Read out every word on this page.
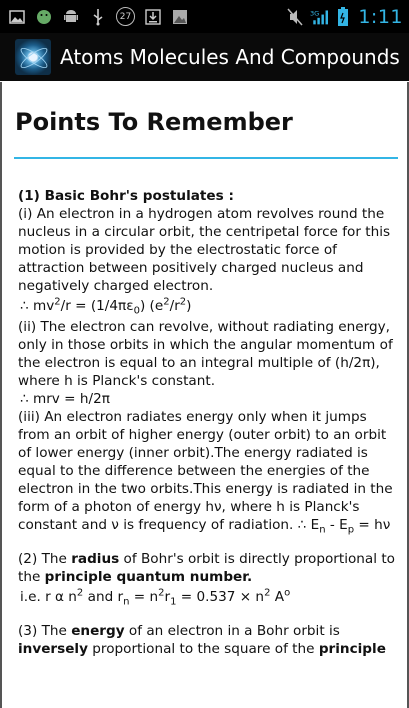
27	3G 1:11
Atoms Molecules And Compounds
Points To Remember

(1) Basic Bohr's postulates :

(i) An electron in a hydrogen atom revolves round the nucleus in a circular orbit, the centripetal force for this motion is provided by the electrostatic force of attraction between positively charged nucleus and negatively charged electron.

∴ $mv^2/r = (1/4\pi\varepsilon_0)$ $(e^2/r^2)$

(ii) The electron can revolve, without radiating energy, only in those orbits in which the angular momentum of the electron is equal to an integral multiple of (h/2π), where h is Planck's constant.

∴ mrv = h/2π

(iii) An electron radiates energy only when it jumps from an orbit of higher energy (outer orbit) to an orbit of lower energy (inner orbit).The energy radiated is equal to the difference between the energies of the electron in the two orbits.This energy is radiated in the form of a photon of energy hν, where h is Planck's constant and ν is frequency of radiation. ∴ $E_n - E_p = h\nu$

(2) The radius of Bohr's orbit is directly proportional to the principle quantum number.

i.e. r α $n^2$ and $r_n = n^2r_1 = 0.537 \times n^2$ $A^o$

(3) The energy of an electron in a Bohr orbit is inversely proportional to the square of the principle
